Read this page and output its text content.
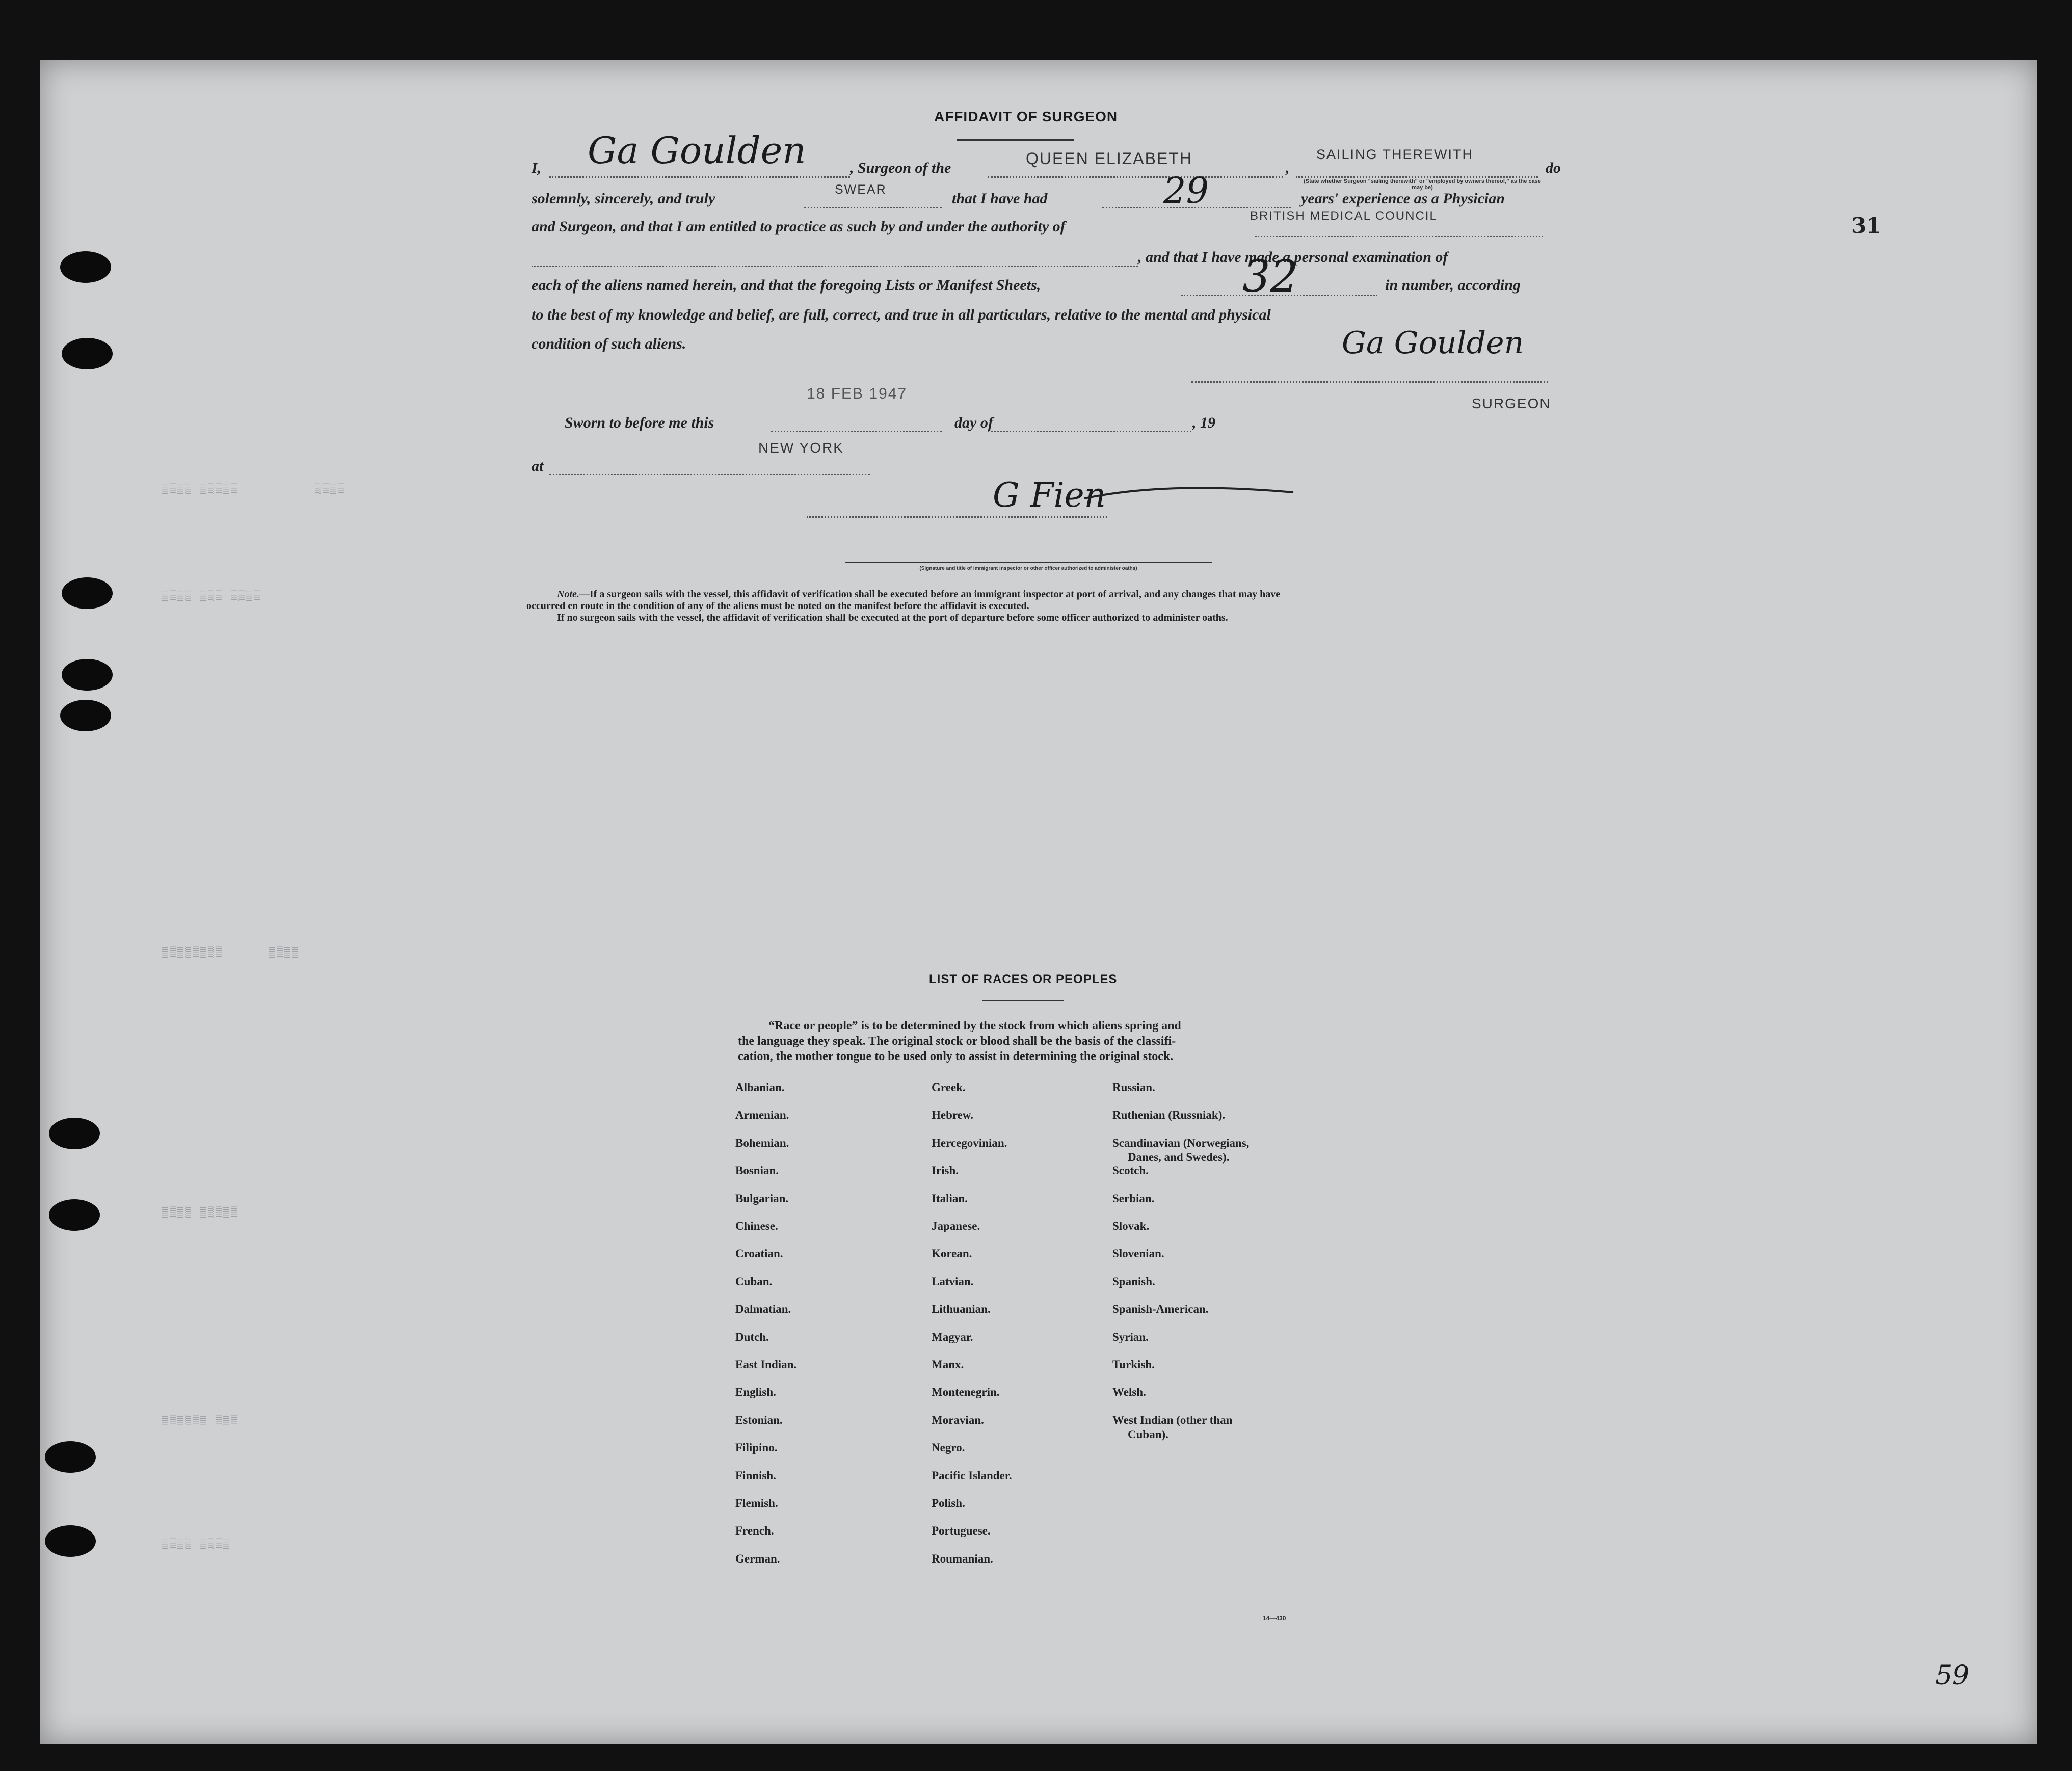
▒▒▒▒ ▒▒▒▒▒          ▒▒▒▒
▒▒▒▒ ▒▒▒ ▒▒▒▒
▒▒▒▒▒▒▒▒      ▒▒▒▒
▒▒▒▒ ▒▒▒▒▒
▒▒▒▒▒▒ ▒▒▒
▒▒▒▒ ▒▒▒▒
31
AFFIDAVIT OF SURGEON
I, Ga Goulden	, Surgeon of the
QUEEN ELIZABETH
,
SAILING THEREWITH
(State whether Surgeon "sailing therewith" or "employed by owners thereof," as the case may be)
do
solemnly, sincerely, and truly
SWEAR
that I have had	29	years' experience as a Physician
and Surgeon, and that I am entitled to practice as such by and under the authority of
BRITISH MEDICAL COUNCIL
, and that I have made a personal examination of
each of the aliens named herein, and that the foregoing Lists or Manifest Sheets,	32	in number, according
to the best of my knowledge and belief, are full, correct, and true in all particulars, relative to the mental and physical
condition of such aliens.	Ga Goulden
SURGEON
18 FEB 1947
Sworn to before me this	day of	, 19
NEW YORK
at
G Fien
(Signature and title of immigrant inspector or other officer authorized to administer oaths)
Note.—If a surgeon sails with the vessel, this affidavit of verification shall be executed before an immigrant inspector at port of arrival, and any changes that may have
occurred en route in the condition of any of the aliens must be noted on the manifest before the affidavit is executed.
If no surgeon sails with the vessel, the affidavit of verification shall be executed at the port of departure before some officer authorized to administer oaths.
LIST OF RACES OR PEOPLES
“Race or people” is to be determined by the stock from which aliens spring and
the language they speak. The original stock or blood shall be the basis of the classifi-
cation, the mother tongue to be used only to assist in determining the original stock.
Albanian.
Armenian.
Bohemian.
Bosnian.
Bulgarian.
Chinese.
Croatian.
Cuban.
Dalmatian.
Dutch.
East Indian.
English.
Estonian.
Filipino.
Finnish.
Flemish.
French.
German.
Greek.
Hebrew.
Hercegovinian.
Irish.
Italian.
Japanese.
Korean.
Latvian.
Lithuanian.
Magyar.
Manx.
Montenegrin.
Moravian.
Negro.
Pacific Islander.
Polish.
Portuguese.
Roumanian.
Russian.
Ruthenian (Russniak).
Scandinavian (Norwegians,
Danes, and Swedes).
Scotch.
Serbian.
Slovak.
Slovenian.
Spanish.
Spanish-American.
Syrian.
Turkish.
Welsh.
West Indian (other than
Cuban).
14—430
59
